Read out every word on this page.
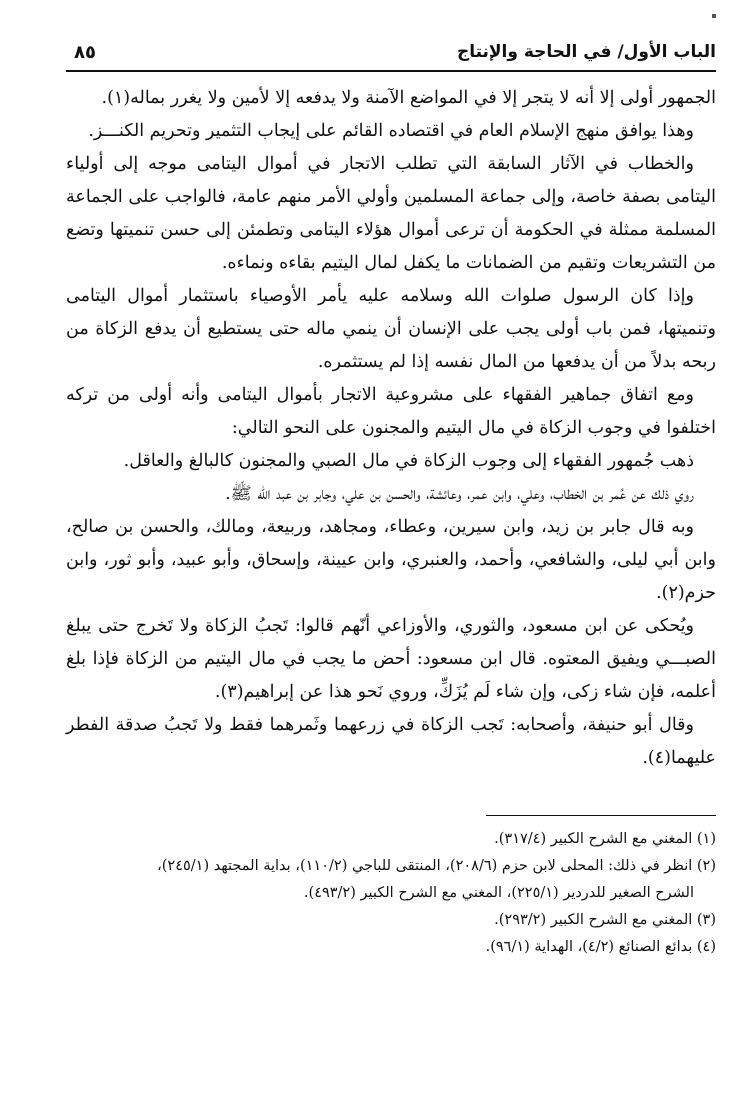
الباب الأول/ في الحاجة والإنتاج
٨٥

الجمهور أولى إلا أنه لا يتجر إلا في المواضع الآمنة ولا يدفعه إلا لأمين ولا يغرر بماله(١).

وهذا يوافق منهج الإسلام العام في اقتصاده القائم على إيجاب التثمير وتحريم الكنـــز.

والخطاب في الآثار السابقة التي تطلب الاتجار في أموال اليتامى موجه إلى أولياء اليتامى بصفة خاصة، وإلى جماعة المسلمين وأولي الأمر منهم عامة، فالواجب على الجماعة المسلمة ممثلة في الحكومة أن ترعى أموال هؤلاء اليتامى وتطمئن إلى حسن تنميتها وتضع من التشريعات وتقيم من الضمانات ما يكفل لمال اليتيم بقاءه ونماءه.

وإذا كان الرسول صلوات الله وسلامه عليه يأمر الأوصياء باستثمار أموال اليتامى وتنميتها، فمن باب أولى يجب على الإنسان أن ينمي ماله حتى يستطيع أن يدفع الزكاة من ربحه بدلاً من أن يدفعها من المال نفسه إذا لم يستثمره.

ومع اتفاق جماهير الفقهاء على مشروعية الاتجار بأموال اليتامى وأنه أولى من تركه اختلفوا في وجوب الزكاة في مال اليتيم والمجنون على النحو التالي:

ذهب جُمهور الفقهاء إلى وجوب الزكاة في مال الصبي والمجنون كالبالغ والعاقل.

روي ذلك عن عُمر بن الخطاب، وعلي، وابن عمر، وعائشة، والحسن بن علي، وجابر بن عبد الله ﷺ.

وبه قال جابر بن زيد، وابن سيرين، وعطاء، ومجاهد، وربيعة، ومالك، والحسن بن صالح، وابن أبي ليلى، والشافعي، وأحمد، والعنبري، وابن عيينة، وإسحاق، وأبو عبيد، وأبو ثور، وابن حزم(٢).

ويُحكى عن ابن مسعود، والثوري، والأوزاعي أنّهم قالوا: تَجبُ الزكاة ولا تَخرج حتى يبلغ الصبـــي ويفيق المعتوه. قال ابن مسعود: أحض ما يجب في مال اليتيم من الزكاة فإذا بلغ أعلمه، فإن شاء زكى، وإن شاء لَم يُزَكِّ، وروي نَحو هذا عن إبراهيم(٣).

وقال أبو حنيفة، وأصحابه: تَجب الزكاة في زرعهما وثَمرهما فقط ولا تَجبُ صدقة الفطر عليهما(٤).

(١) المغني مع الشرح الكبير (٣١٧/٤).

(٢) انظر في ذلك: المحلى لابن حزم (٢٠٨/٦)، المنتقى للباجي (١١٠/٢)، بداية المجتهد (٢٤٥/١)،

الشرح الصغير للدردير (٢٢٥/١)، المغني مع الشرح الكبير (٤٩٣/٢).

(٣) المغني مع الشرح الكبير (٢٩٣/٢).

(٤) بدائع الصنائع (٤/٢)، الهداية (٩٦/١).
